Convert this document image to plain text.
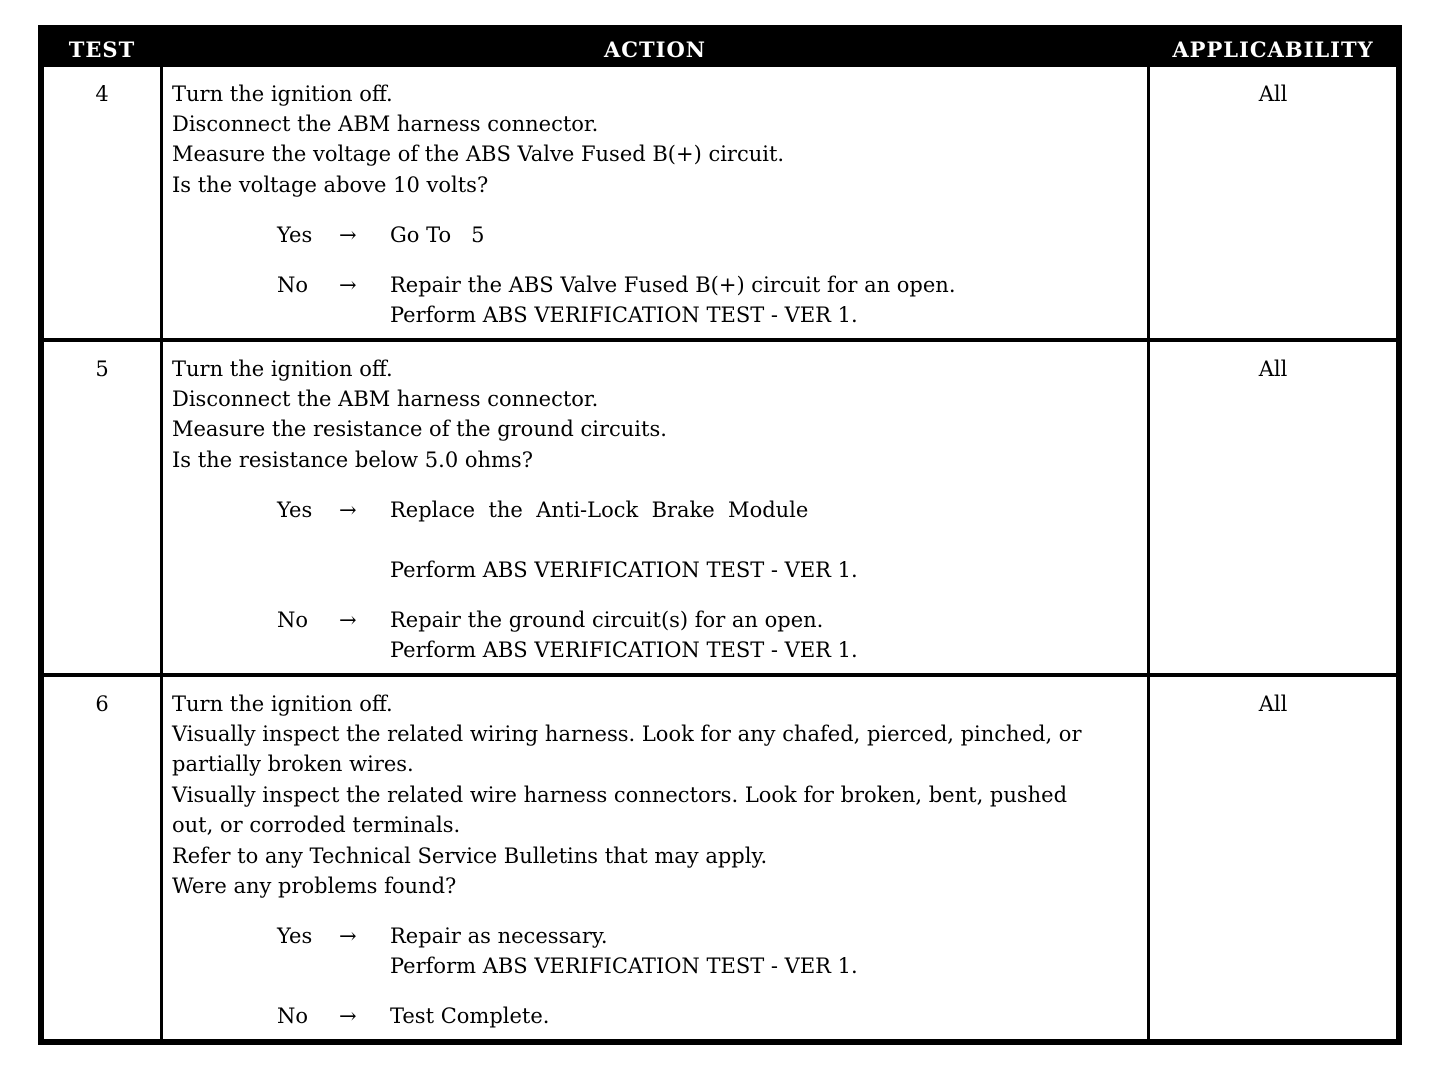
TEST	ACTION	APPLICABILITY
4	Turn the ignition off.
Disconnect the ABM harness connector.
Measure the voltage of the ABS Valve Fused B(+) circuit.
Is the voltage above 10 volts?
Yes → Go To   5
No → Repair the ABS Valve Fused B(+) circuit for an open.
Perform ABS VERIFICATION TEST - VER 1.
All
5	Turn the ignition off.
Disconnect the ABM harness connector.
Measure the resistance of the ground circuits.
Is the resistance below 5.0 ohms?
Yes → Replace  the  Anti-Lock  Brake  Module
Perform ABS VERIFICATION TEST - VER 1.
No → Repair the ground circuit(s) for an open.
Perform ABS VERIFICATION TEST - VER 1.
All
6	Turn the ignition off.
Visually inspect the related wiring harness. Look for any chafed, pierced, pinched, or
partially broken wires.
Visually inspect the related wire harness connectors. Look for broken, bent, pushed
out, or corroded terminals.
Refer to any Technical Service Bulletins that may apply.
Were any problems found?
Yes → Repair as necessary.
Perform ABS VERIFICATION TEST - VER 1.
No → Test Complete.
All
